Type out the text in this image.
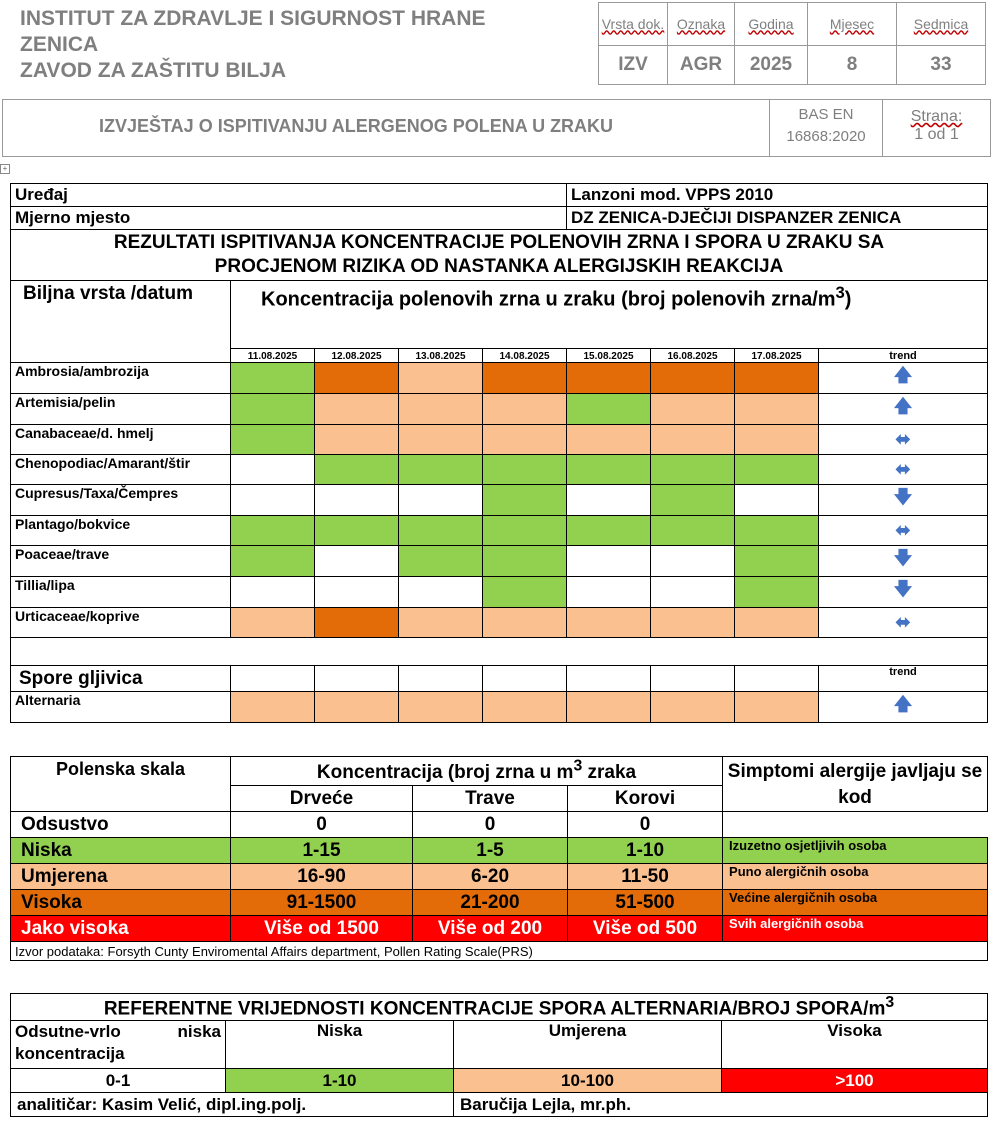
INSTITUT ZA ZDRAVLJE I SIGURNOST HRANE
ZENICA
ZAVOD ZA ZAŠTITU BILJA
Vrsta dok.	Oznaka	Godina	Mjesec	Sedmica
IZV	AGR	2025	8	33
IZVJEŠTAJ O ISPITIVANJU ALERGENOG POLENA U ZRAKU
BAS EN
16868:2020
Strana:
1 od 1
+
Uređaj					Lanzoni mod. VPPS 2010			
Mjerno mjesto					DZ ZENICA-DJEČIJI DISPANZER ZENICA			

REZULTATI ISPITIVANJA KONCENTRACIJE POLENOVIH ZRNA I SPORA U ZRAKU SA
PROCJENOM RIZIKA OD NASTANKA ALERGIJSKIH REAKCIJA								

Biljna vrsta /datum	Koncentracija polenovih zrna u zraku (broj polenovih zrna/$m^3$)							
	11.08.2025	12.08.2025	13.08.2025	14.08.2025	15.08.2025	16.08.2025	17.08.2025	trend
Ambrosia/ambrozija								🡅
Artemisia/pelin								🡅
Canabaceae/d. hmelj								⬌
Chenopodiac/Amarant/štir								⬌
Cupresus/Taxa/Čempres								🡇
Plantago/bokvice								⬌
Poaceae/trave								🡇
Tillia/lipa								🡇
Urticaceae/koprive								⬌

Spore gljivica								trend
Alternaria								🡅
Polenska skala	Koncentracija (broj zrna u $m^3$ zraka			Simptomi alergije javljaju se kod
	Drveće	Trave	Korovi	
Odsustvo	0	0	0	
Niska	1-15	1-5	1-10	Izuzetno osjetljivih osoba
Umjerena	16-90	6-20	11-50	Puno alergičnih osoba
Visoka	91-1500	21-200	51-500	Većine alergičnih osoba
Jako visoka	Više od 1500	Više od 200	Više od 500	Svih alergičnih osoba
Izvor podataka: Forsyth Cunty Enviromental Affairs department, Pollen Rating Scale(PRS)				
REFERENTNE VRIJEDNOSTI KONCENTRACIJE SPORA ALTERNARIA/BROJ SPORA/$m^3$
Odsutne-vrlo niska koncentracija	Niska	Umjerena	Visoka
0-1	1-10	10-100	>100
analitičar: Kasim Velić, dipl.ing.polj.		Baručija Lejla, mr.ph.	
